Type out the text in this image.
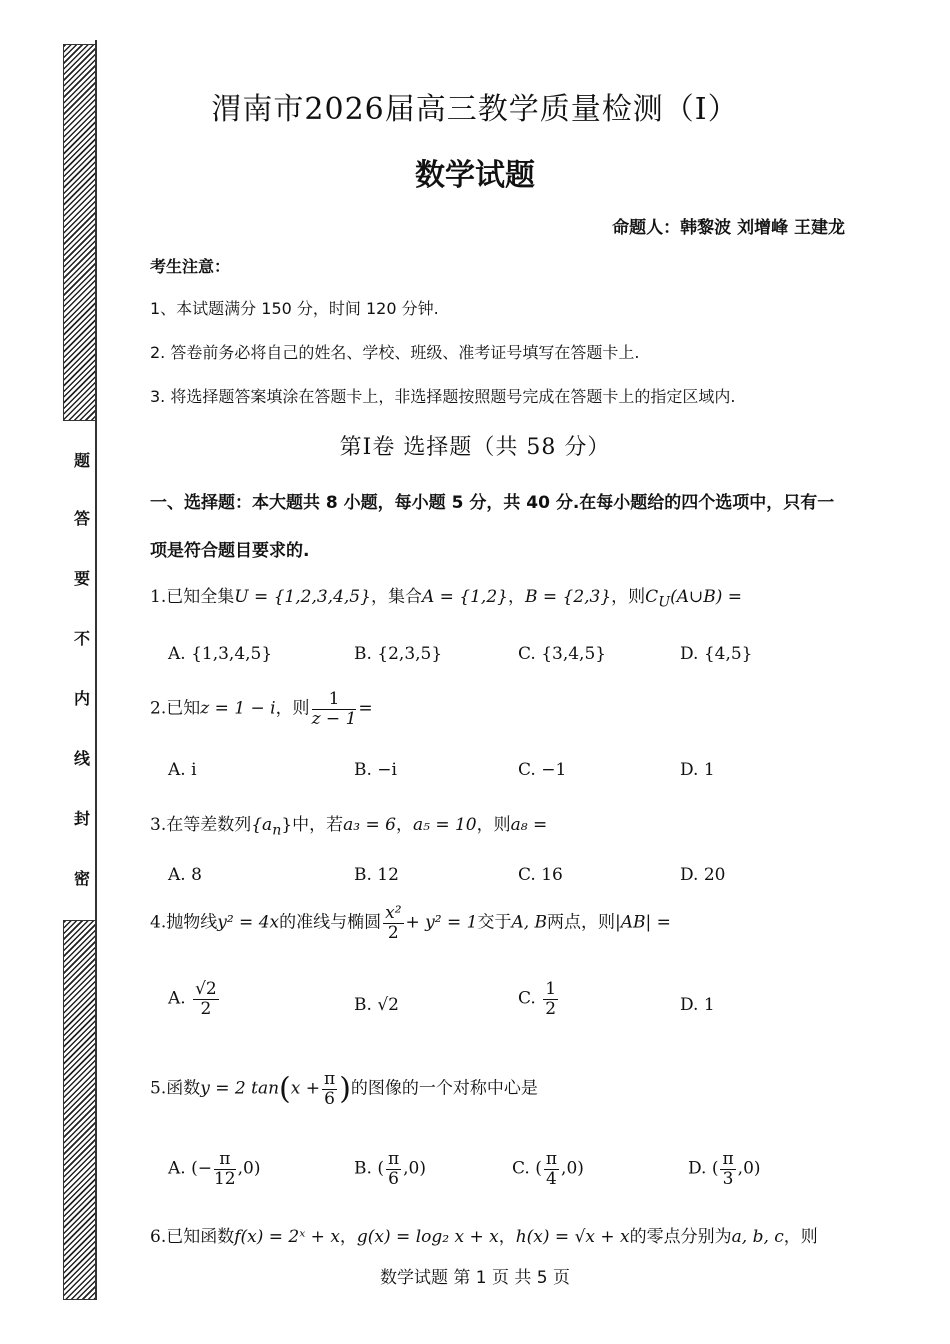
题
答
要
不
内
线
封
密
渭南市2026届高三教学质量检测（Ⅰ）
数学试题
命题人：韩黎波 刘增峰 王建龙
考生注意：
1、本试题满分 150 分，时间 120 分钟.
2. 答卷前务必将自己的姓名、学校、班级、准考证号填写在答题卡上.
3. 将选择题答案填涂在答题卡上，非选择题按照题号完成在答题卡上的指定区域内.
第Ⅰ卷 选择题（共 58 分）
一、选择题：本大题共 8 小题，每小题 5 分，共 40 分.在每小题给的四个选项中，只有一
项是符合题目要求的.
1.已知全集U = {1,2,3,4,5}，集合A = {1,2}，B = {2,3}，则$C_U(A\cup B)$ =
A. {1,3,4,5}	B. {2,3,5}	C. {3,4,5}	D. {4,5}
2.已知z = 1 − i，则 $\frac{1}{z - 1}$ =
A. i	B. −i	C. −1	D. 1
3.在等差数列$\{a_n\}$中，若a₃ = 6，a₅ = 10，则a₈ =
A. 8	B. 12	C. 16	D. 20
4.抛物线y² = 4x的准线与椭圆 $\frac{\text{x²}}{2} + y^2 = 1$交于A, B两点，则|AB| =
A. $\frac{√2}{2}$	B. √2	C. $\frac{1}{2}$	D. 1
5.函数y = 2 $\tan(x + \frac{\pi}{6}$ )的图像的一个对称中心是
A. (− $\frac{\pi}{12} ,0$)	B. ( $\frac{\pi}{6} ,0$)	C. ( $\frac{\pi}{4} ,0$)	D. ( $\frac{\pi}{3} ,0$)
6.已知函数f(x) = 2ˣ + x，g(x) = log₂ x + x，h(x) = √x + x的零点分别为a, b, c，则
数学试题 第 1 页 共 5 页
